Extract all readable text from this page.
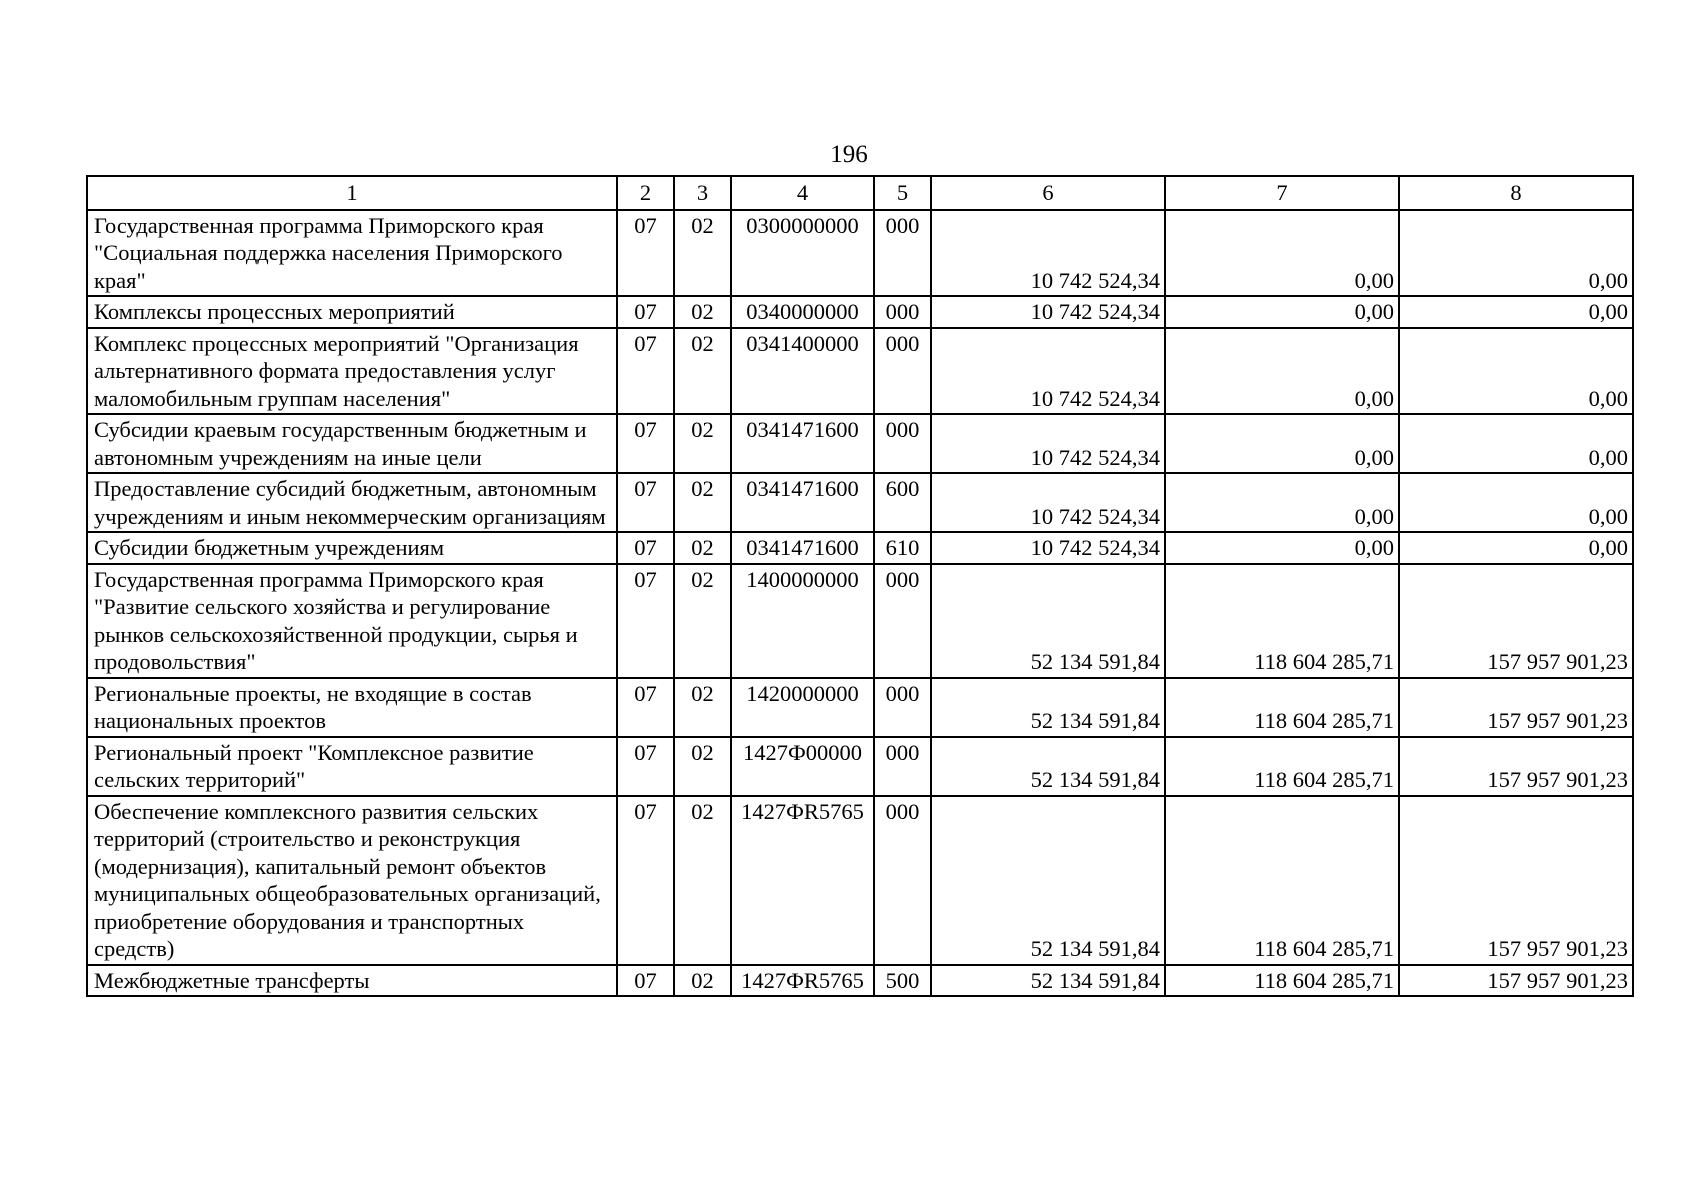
196
1	2	3	4	5	6	7	8
Государственная программа Приморского края "Социальная поддержка населения Приморского края"	07	02	0300000000	000	10 742 524,34	0,00	0,00
Комплексы процессных мероприятий	07	02	0340000000	000	10 742 524,34	0,00	0,00
Комплекс процессных мероприятий "Организация альтернативного формата предоставления услуг маломобильным группам населения"	07	02	0341400000	000	10 742 524,34	0,00	0,00
Субсидии краевым государственным бюджетным и автономным учреждениям на иные цели	07	02	0341471600	000	10 742 524,34	0,00	0,00
Предоставление субсидий бюджетным, автономным учреждениям и иным некоммерческим организациям	07	02	0341471600	600	10 742 524,34	0,00	0,00
Субсидии бюджетным учреждениям	07	02	0341471600	610	10 742 524,34	0,00	0,00
Государственная программа Приморского края "Развитие сельского хозяйства и регулирование рынков сельскохозяйственной продукции, сырья и продовольствия"	07	02	1400000000	000	52 134 591,84	118 604 285,71	157 957 901,23
Региональные проекты, не входящие в состав национальных проектов	07	02	1420000000	000	52 134 591,84	118 604 285,71	157 957 901,23
Региональный проект "Комплексное развитие сельских территорий"	07	02	1427Ф00000	000	52 134 591,84	118 604 285,71	157 957 901,23
Обеспечение комплексного развития сельских территорий (строительство и реконструкция (модернизация), капитальный ремонт объектов муниципальных общеобразовательных организаций, приобретение оборудования и транспортных средств)	07	02	1427ФR5765	000	52 134 591,84	118 604 285,71	157 957 901,23
Межбюджетные трансферты	07	02	1427ФR5765	500	52 134 591,84	118 604 285,71	157 957 901,23
